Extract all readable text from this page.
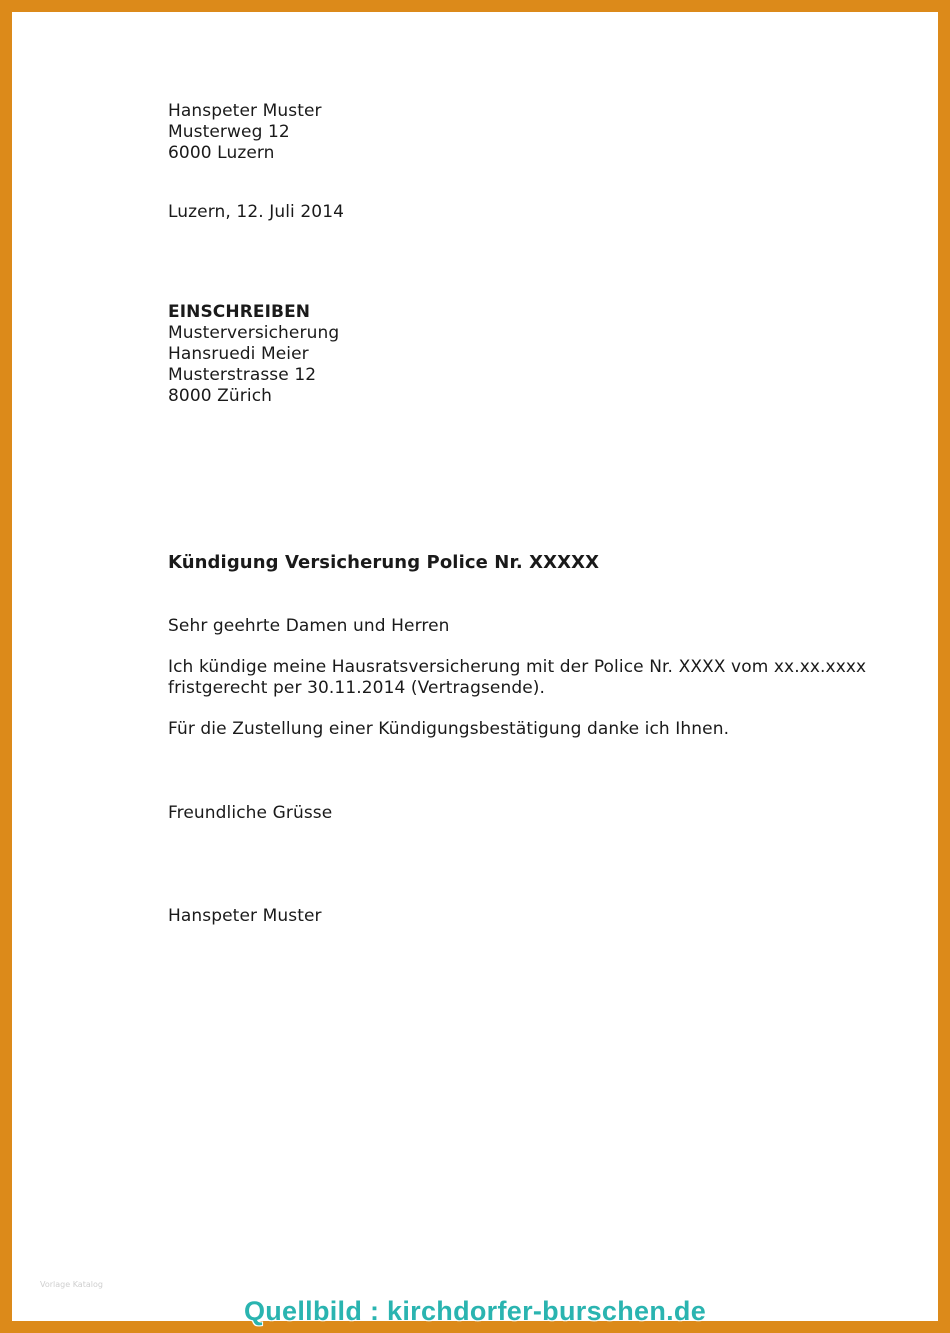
Hanspeter Muster
Musterweg 12
6000 Luzern
Luzern, 12. Juli 2014
EINSCHREIBEN
Musterversicherung
Hansruedi Meier
Musterstrasse 12
8000 Zürich
Kündigung Versicherung Police Nr. XXXXX
Sehr geehrte Damen und Herren
Ich kündige meine Hausratsversicherung mit der Police Nr. XXXX vom xx.xx.xxxx
fristgerecht per 30.11.2014 (Vertragsende).
Für die Zustellung einer Kündigungsbestätigung danke ich Ihnen.
Freundliche Grüsse
Hanspeter Muster
Vorlage Katalog
Quellbild : kirchdorfer-burschen.de
